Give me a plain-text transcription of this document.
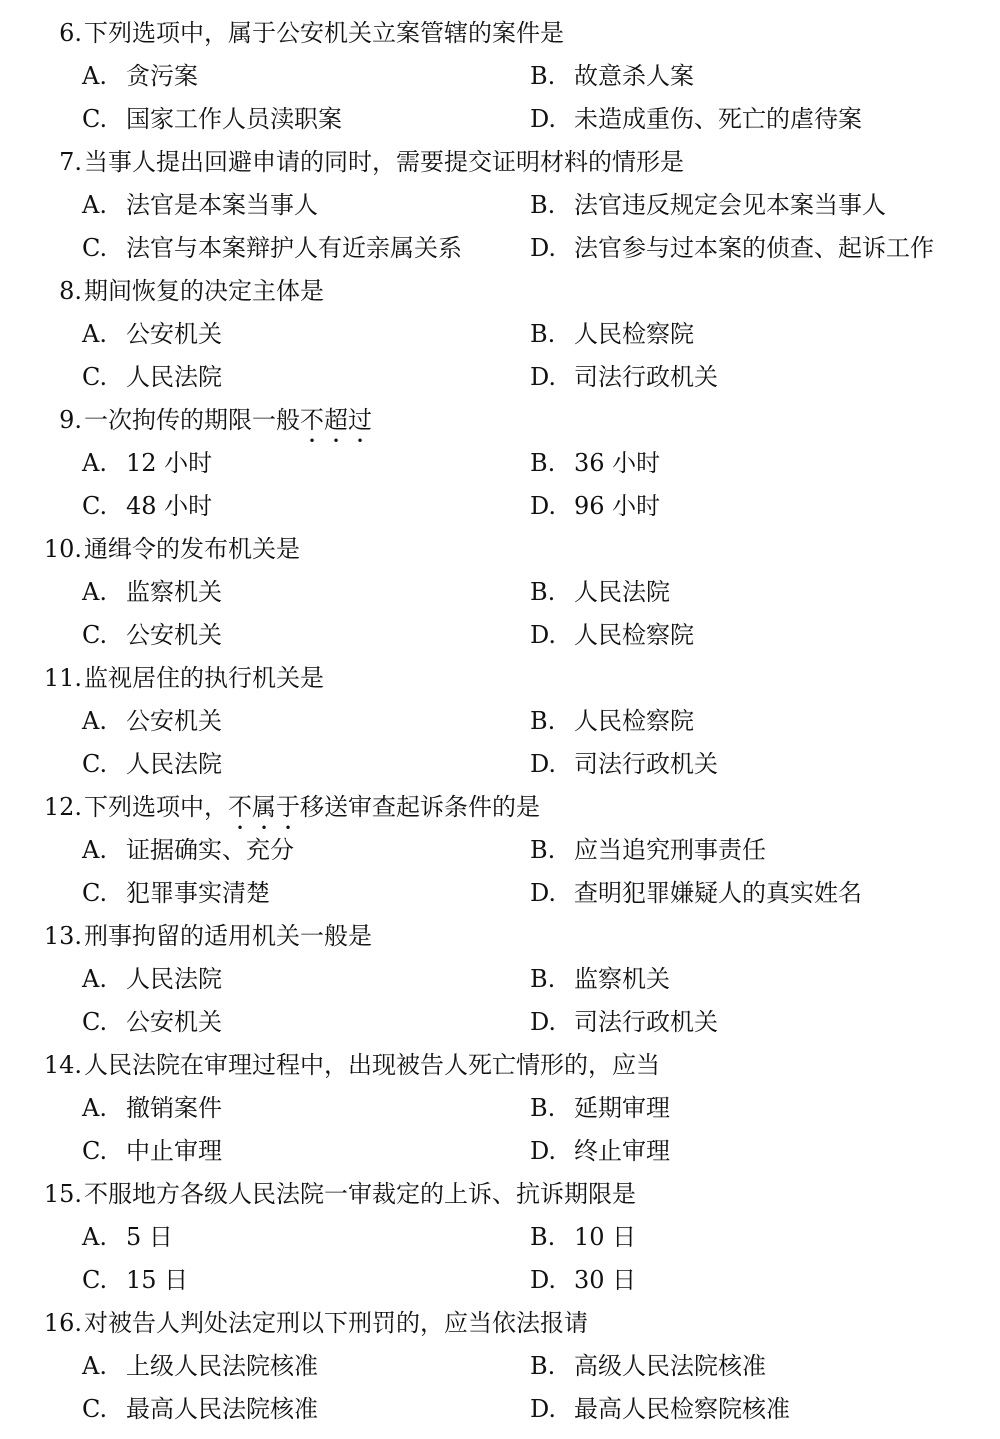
6.下列选项中，属于公安机关立案管辖的案件是
A. 贪污案	B. 故意杀人案
C. 国家工作人员渎职案	D. 未造成重伤、死亡的虐待案
7.当事人提出回避申请的同时，需要提交证明材料的情形是
A. 法官是本案当事人	B. 法官违反规定会见本案当事人
C. 法官与本案辩护人有近亲属关系	D. 法官参与过本案的侦查、起诉工作
8.期间恢复的决定主体是
A. 公安机关	B. 人民检察院
C. 人民法院	D. 司法行政机关
9.一次拘传的期限一般不超过
A. 12 小时	B. 36 小时
C. 48 小时	D. 96 小时
10.通缉令的发布机关是
A. 监察机关	B. 人民法院
C. 公安机关	D. 人民检察院
11.监视居住的执行机关是
A. 公安机关	B. 人民检察院
C. 人民法院	D. 司法行政机关
12.下列选项中，不属于移送审查起诉条件的是
A. 证据确实、充分	B. 应当追究刑事责任
C. 犯罪事实清楚	D. 查明犯罪嫌疑人的真实姓名
13.刑事拘留的适用机关一般是
A. 人民法院	B. 监察机关
C. 公安机关	D. 司法行政机关
14.人民法院在审理过程中，出现被告人死亡情形的，应当
A. 撤销案件	B. 延期审理
C. 中止审理	D. 终止审理
15.不服地方各级人民法院一审裁定的上诉、抗诉期限是
A. 5 日	B. 10 日
C. 15 日	D. 30 日
16.对被告人判处法定刑以下刑罚的，应当依法报请
A. 上级人民法院核准	B. 高级人民法院核准
C. 最高人民法院核准	D. 最高人民检察院核准
